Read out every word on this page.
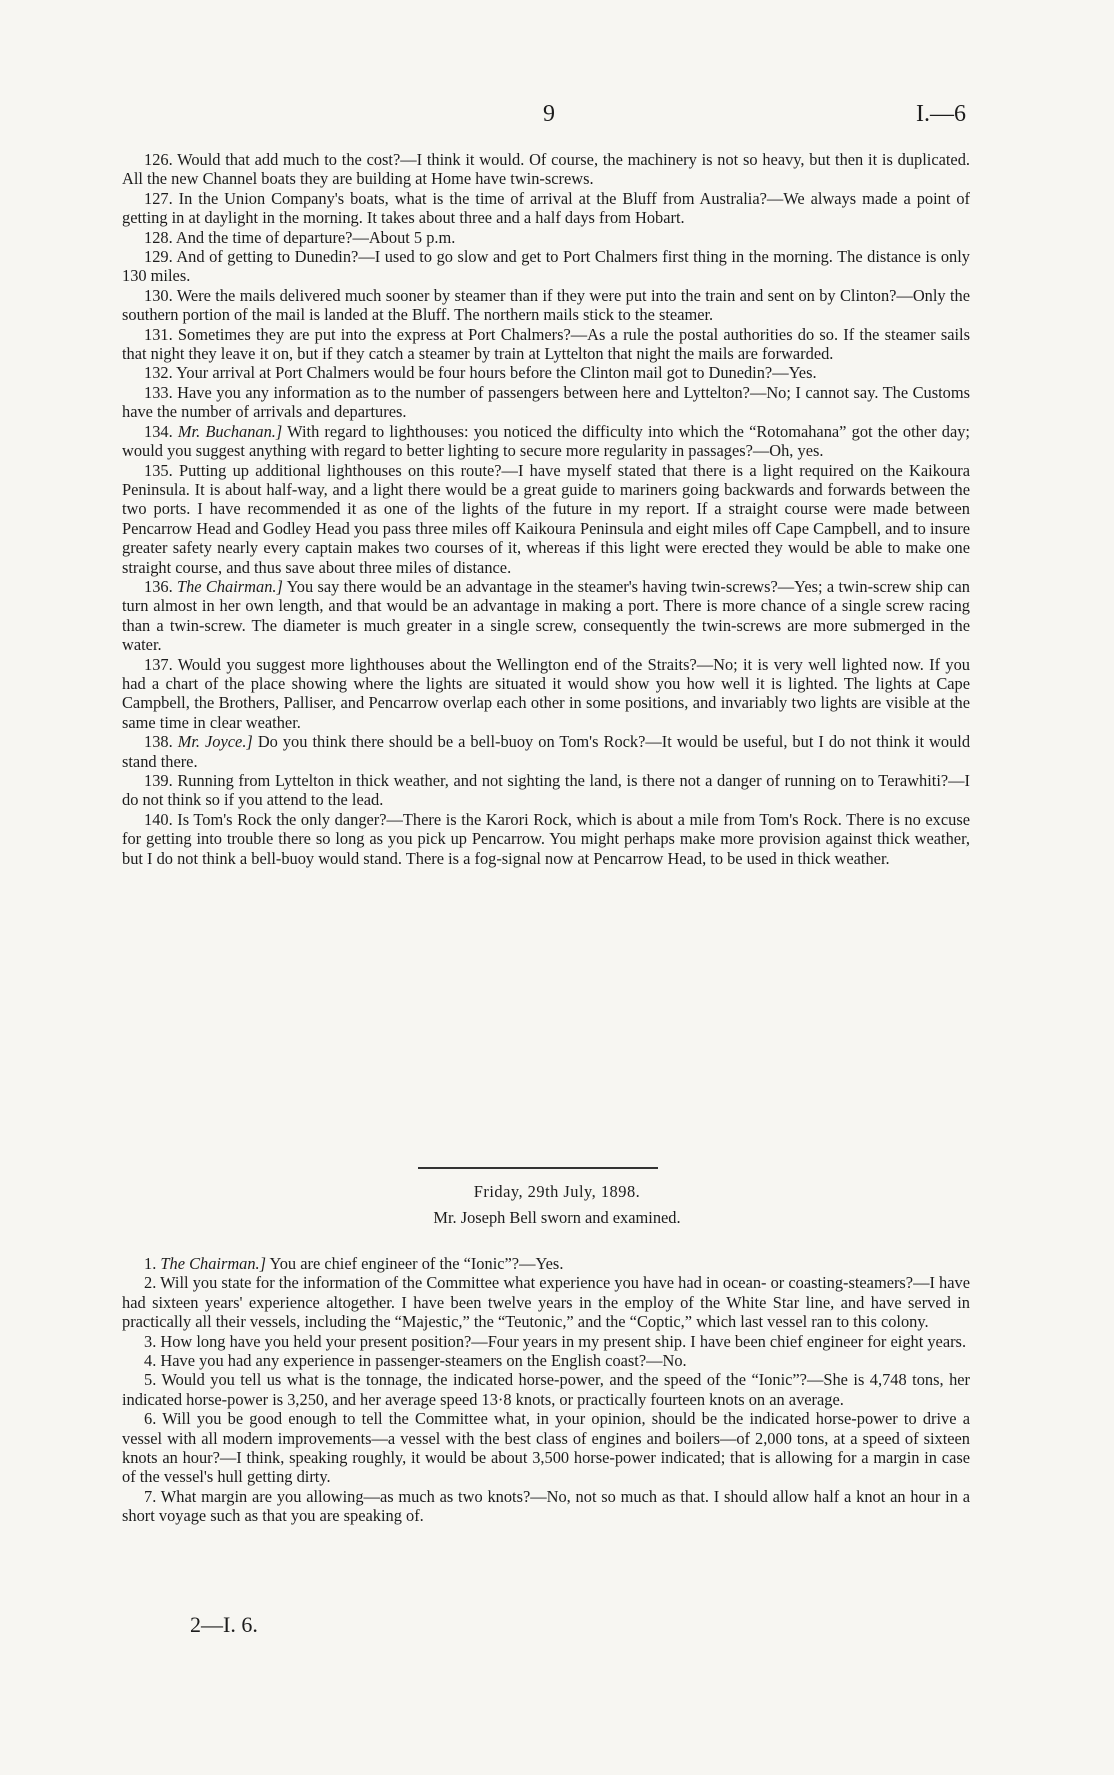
9	I.—6

126. Would that add much to the cost?—I think it would. Of course, the machinery is not so heavy, but then it is duplicated. All the new Channel boats they are building at Home have twin-screws.

127. In the Union Company's boats, what is the time of arrival at the Bluff from Australia?—We always made a point of getting in at daylight in the morning. It takes about three and a half days from Hobart.

128. And the time of departure?—About 5 p.m.

129. And of getting to Dunedin?—I used to go slow and get to Port Chalmers first thing in the morning. The distance is only 130 miles.

130. Were the mails delivered much sooner by steamer than if they were put into the train and sent on by Clinton?—Only the southern portion of the mail is landed at the Bluff. The northern mails stick to the steamer.

131. Sometimes they are put into the express at Port Chalmers?—As a rule the postal authorities do so. If the steamer sails that night they leave it on, but if they catch a steamer by train at Lyttelton that night the mails are forwarded.

132. Your arrival at Port Chalmers would be four hours before the Clinton mail got to Dunedin?—Yes.

133. Have you any information as to the number of passengers between here and Lyttelton?—No; I cannot say. The Customs have the number of arrivals and departures.

134. Mr. Buchanan.] With regard to lighthouses: you noticed the difficulty into which the “Rotomahana” got the other day; would you suggest anything with regard to better lighting to secure more regularity in passages?—Oh, yes.

135. Putting up additional lighthouses on this route?—I have myself stated that there is a light required on the Kaikoura Peninsula. It is about half-way, and a light there would be a great guide to mariners going backwards and forwards between the two ports. I have recommended it as one of the lights of the future in my report. If a straight course were made between Pencarrow Head and Godley Head you pass three miles off Kaikoura Peninsula and eight miles off Cape Campbell, and to insure greater safety nearly every captain makes two courses of it, whereas if this light were erected they would be able to make one straight course, and thus save about three miles of distance.

136. The Chairman.] You say there would be an advantage in the steamer's having twin-screws?—Yes; a twin-screw ship can turn almost in her own length, and that would be an advantage in making a port. There is more chance of a single screw racing than a twin-screw. The diameter is much greater in a single screw, consequently the twin-screws are more submerged in the water.

137. Would you suggest more lighthouses about the Wellington end of the Straits?—No; it is very well lighted now. If you had a chart of the place showing where the lights are situated it would show you how well it is lighted. The lights at Cape Campbell, the Brothers, Palliser, and Pencarrow overlap each other in some positions, and invariably two lights are visible at the same time in clear weather.

138. Mr. Joyce.] Do you think there should be a bell-buoy on Tom's Rock?—It would be useful, but I do not think it would stand there.

139. Running from Lyttelton in thick weather, and not sighting the land, is there not a danger of running on to Terawhiti?—I do not think so if you attend to the lead.

140. Is Tom's Rock the only danger?—There is the Karori Rock, which is about a mile from Tom's Rock. There is no excuse for getting into trouble there so long as you pick up Pencarrow. You might perhaps make more provision against thick weather, but I do not think a bell-buoy would stand. There is a fog-signal now at Pencarrow Head, to be used in thick weather.

Friday, 29th July, 1898.
Mr. Joseph Bell sworn and examined.

1. The Chairman.] You are chief engineer of the “Ionic”?—Yes.

2. Will you state for the information of the Committee what experience you have had in ocean- or coasting-steamers?—I have had sixteen years' experience altogether. I have been twelve years in the employ of the White Star line, and have served in practically all their vessels, including the “Majestic,” the “Teutonic,” and the “Coptic,” which last vessel ran to this colony.

3. How long have you held your present position?—Four years in my present ship. I have been chief engineer for eight years.

4. Have you had any experience in passenger-steamers on the English coast?—No.

5. Would you tell us what is the tonnage, the indicated horse-power, and the speed of the “Ionic”?—She is 4,748 tons, her indicated horse-power is 3,250, and her average speed 13·8 knots, or practically fourteen knots on an average.

6. Will you be good enough to tell the Committee what, in your opinion, should be the indicated horse-power to drive a vessel with all modern improvements—a vessel with the best class of engines and boilers—of 2,000 tons, at a speed of sixteen knots an hour?—I think, speaking roughly, it would be about 3,500 horse-power indicated; that is allowing for a margin in case of the vessel's hull getting dirty.

7. What margin are you allowing—as much as two knots?—No, not so much as that. I should allow half a knot an hour in a short voyage such as that you are speaking of.

2—I. 6.
